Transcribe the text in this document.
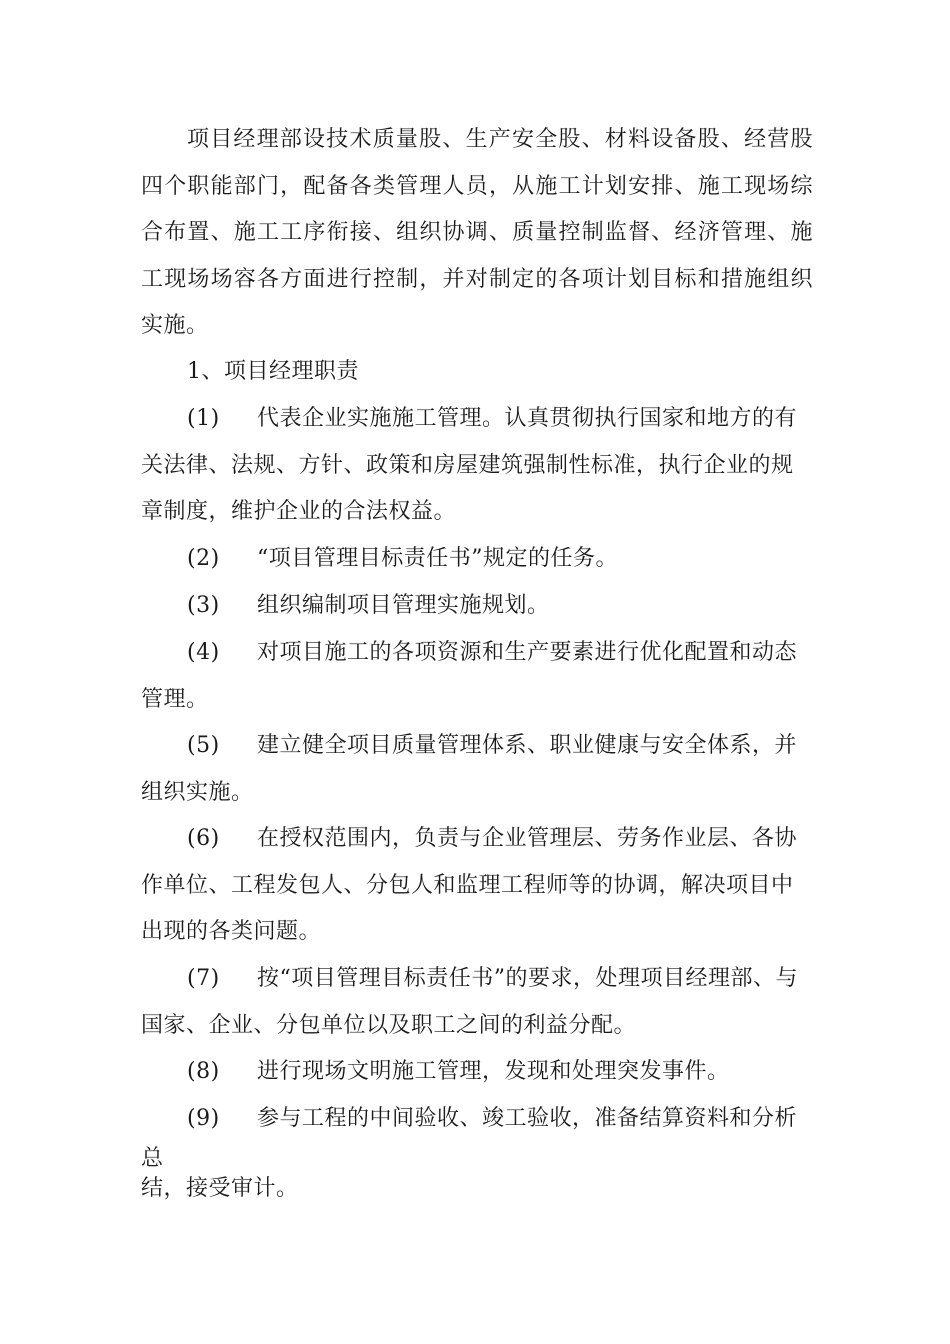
项目经理部设技术质量股、生产安全股、材料设备股、经营股四个职能部门，配备各类管理人员，从施工计划安排、施工现场综合布置、施工工序衔接、组织协调、质量控制监督、经济管理、施工现场场容各方面进行控制，并对制定的各项计划目标和措施组织实施。

1、项目经理职责

(1) 代表企业实施施工管理。认真贯彻执行国家和地方的有关法律、法规、方针、政策和房屋建筑强制性标准，执行企业的规章制度，维护企业的合法权益。

(2) “项目管理目标责任书”规定的任务。

(3) 组织编制项目管理实施规划。

(4) 对项目施工的各项资源和生产要素进行优化配置和动态管理。

(5) 建立健全项目质量管理体系、职业健康与安全体系，并组织实施。

(6) 在授权范围内，负责与企业管理层、劳务作业层、各协作单位、工程发包人、分包人和监理工程师等的协调，解决项目中出现的各类问题。

(7) 按“项目管理目标责任书”的要求，处理项目经理部、与国家、企业、分包单位以及职工之间的利益分配。

(8) 进行现场文明施工管理，发现和处理突发事件。

(9) 参与工程的中间验收、竣工验收，准备结算资料和分析

总

结，接受审计。
